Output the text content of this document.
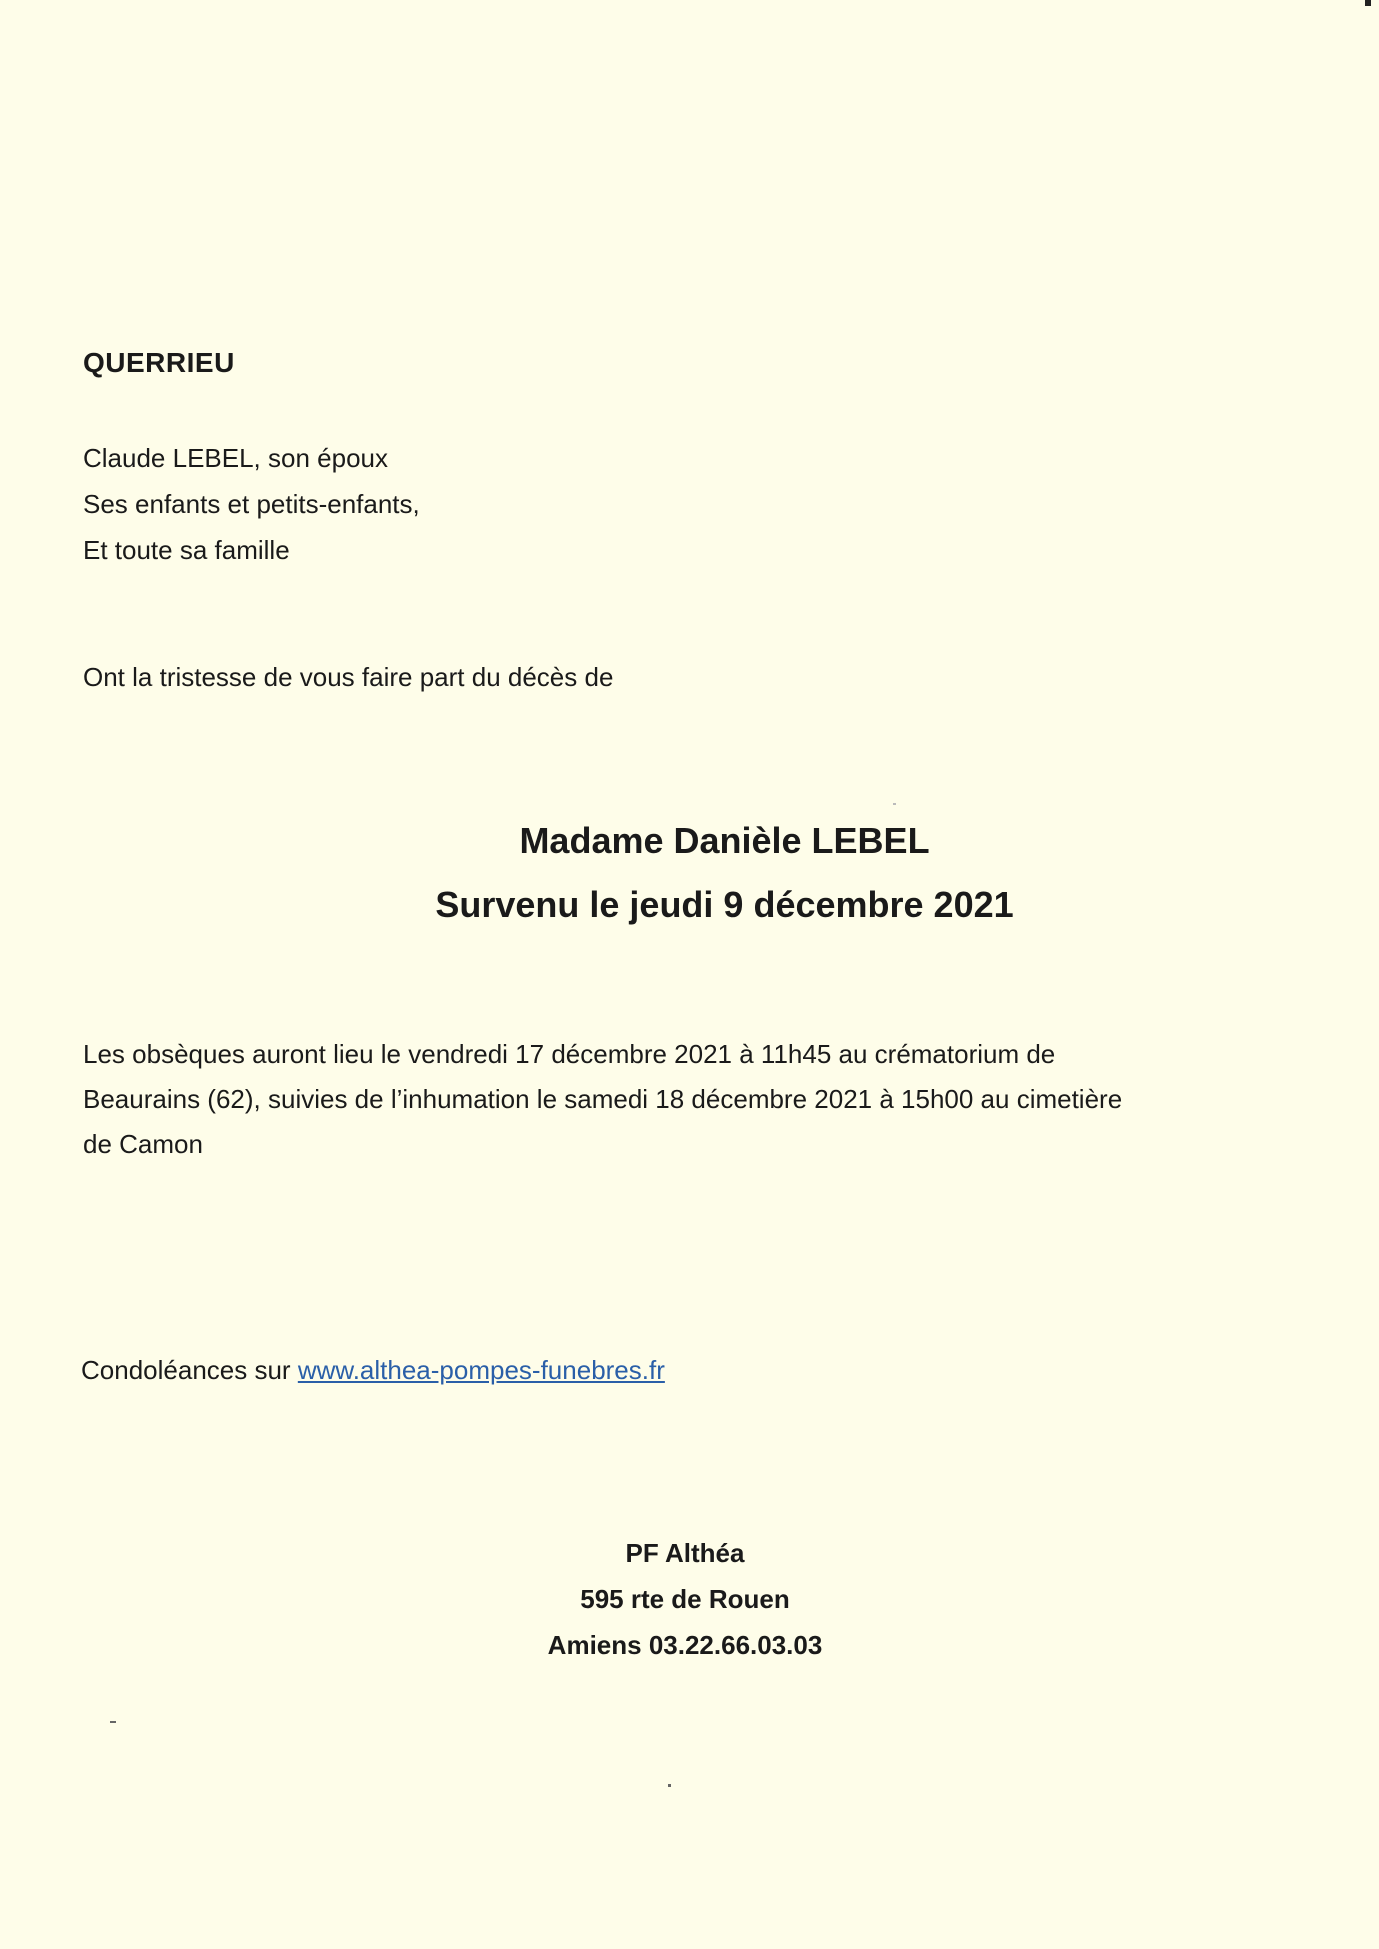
QUERRIEU
Claude LEBEL, son époux
Ses enfants et petits-enfants,
Et toute sa famille
Ont la tristesse de vous faire part du décès de
Madame Danièle LEBEL
Survenu le jeudi 9 décembre 2021
Les obsèques auront lieu le vendredi 17 décembre 2021 à 11h45 au crématorium de
Beaurains (62), suivies de l’inhumation le samedi 18 décembre 2021 à 15h00 au cimetière
de Camon
Condoléances sur www.althea-pompes-funebres.fr
PF Althéa
595 rte de Rouen
Amiens 03.22.66.03.03
